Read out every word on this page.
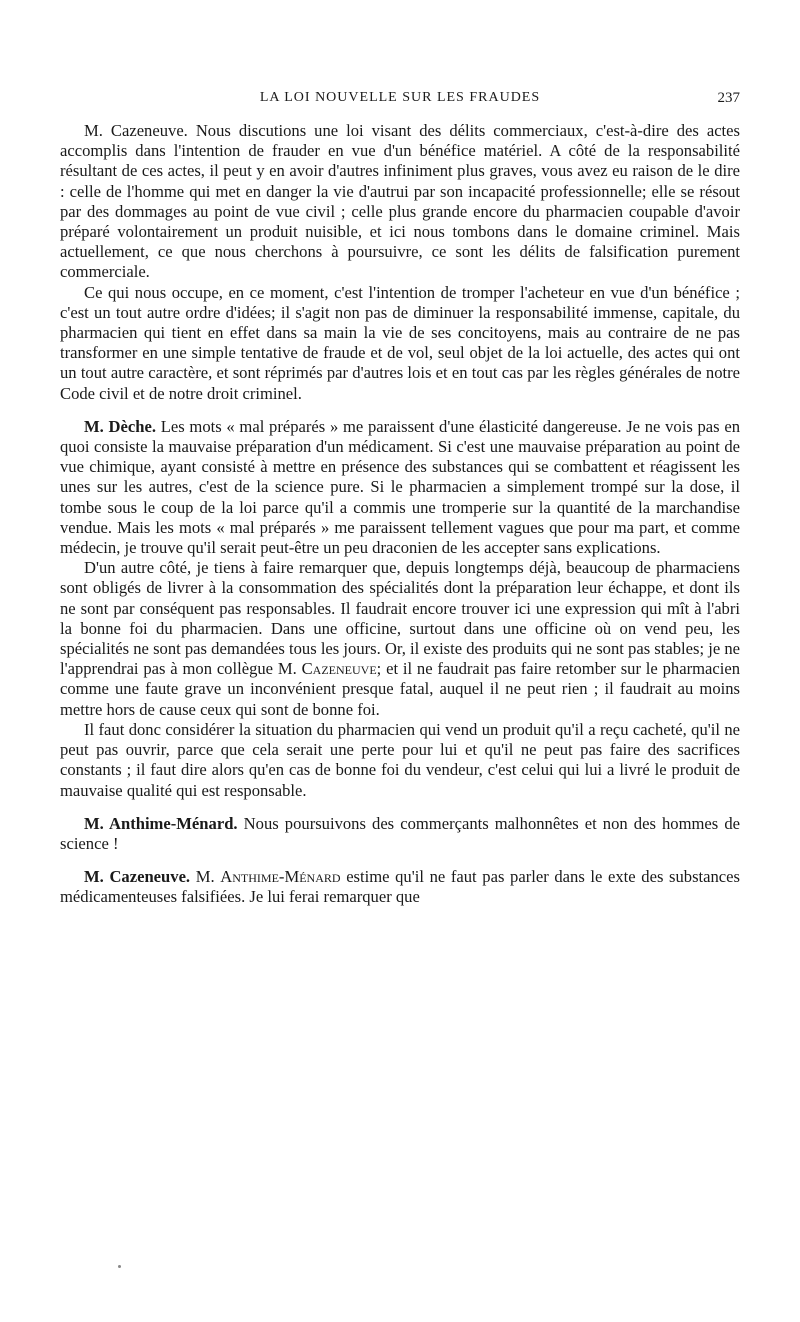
LA LOI NOUVELLE SUR LES FRAUDES	237

M. Cazeneuve. Nous discutions une loi visant des délits commerciaux, c'est-à-dire des actes accomplis dans l'intention de frauder en vue d'un bénéfice matériel. A côté de la responsabilité résultant de ces actes, il peut y en avoir d'autres infiniment plus graves, vous avez eu raison de le dire : celle de l'homme qui met en danger la vie d'autrui par son incapacité professionnelle; elle se résout par des dommages au point de vue civil ; celle plus grande encore du pharmacien coupable d'avoir préparé volontairement un produit nuisible, et ici nous tombons dans le domaine criminel. Mais actuellement, ce que nous cherchons à poursuivre, ce sont les délits de falsification purement commerciale.

Ce qui nous occupe, en ce moment, c'est l'intention de tromper l'acheteur en vue d'un bénéfice ; c'est un tout autre ordre d'idées; il s'agit non pas de diminuer la responsabilité immense, capitale, du pharmacien qui tient en effet dans sa main la vie de ses concitoyens, mais au contraire de ne pas transformer en une simple tentative de fraude et de vol, seul objet de la loi actuelle, des actes qui ont un tout autre caractère, et sont réprimés par d'autres lois et en tout cas par les règles générales de notre Code civil et de notre droit criminel.

M. Dèche. Les mots « mal préparés » me paraissent d'une élasticité dangereuse. Je ne vois pas en quoi consiste la mauvaise préparation d'un médicament. Si c'est une mauvaise préparation au point de vue chimique, ayant consisté à mettre en présence des substances qui se combattent et réagissent les unes sur les autres, c'est de la science pure. Si le pharmacien a simplement trompé sur la dose, il tombe sous le coup de la loi parce qu'il a commis une tromperie sur la quantité de la marchandise vendue. Mais les mots « mal préparés » me paraissent tellement vagues que pour ma part, et comme médecin, je trouve qu'il serait peut-être un peu draconien de les accepter sans explications.

D'un autre côté, je tiens à faire remarquer que, depuis longtemps déjà, beaucoup de pharmaciens sont obligés de livrer à la consommation des spécialités dont la préparation leur échappe, et dont ils ne sont par conséquent pas responsables. Il faudrait encore trouver ici une expression qui mît à l'abri la bonne foi du pharmacien. Dans une officine, surtout dans une officine où on vend peu, les spécialités ne sont pas demandées tous les jours. Or, il existe des produits qui ne sont pas stables; je ne l'apprendrai pas à mon collègue M. Cazeneuve; et il ne faudrait pas faire retomber sur le pharmacien comme une faute grave un inconvénient presque fatal, auquel il ne peut rien ; il faudrait au moins mettre hors de cause ceux qui sont de bonne foi.

Il faut donc considérer la situation du pharmacien qui vend un produit qu'il a reçu cacheté, qu'il ne peut pas ouvrir, parce que cela serait une perte pour lui et qu'il ne peut pas faire des sacrifices constants ; il faut dire alors qu'en cas de bonne foi du vendeur, c'est celui qui lui a livré le produit de mauvaise qualité qui est responsable.

M. Anthime-Ménard. Nous poursuivons des commerçants malhonnêtes et non des hommes de science !

M. Cazeneuve. M. Anthime-Ménard estime qu'il ne faut pas parler dans le exte des substances médicamenteuses falsifiées. Je lui ferai remarquer que
